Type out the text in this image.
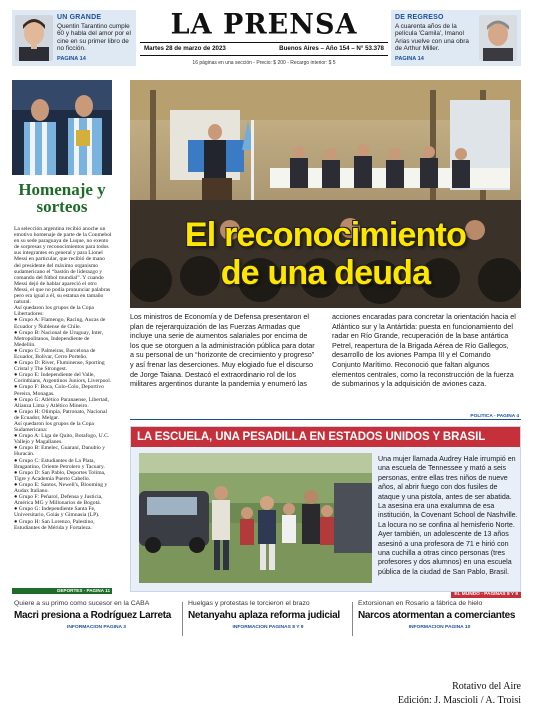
UN GRANDE
Quentin Tarantino cumple 60 y habla del amor por el cine en su primer libro de no ficción.
PAGINA 14
LA PRENSA
Martes 28 de marzo de 2023	Buenos Aires – Año 154 – N° 53.378
16 páginas en una sección - Precio: $ 200 - Recargo interior: $ 5
DE REGRESO
A cuarenta años de la película 'Camila', Imanol Arias vuelve con una obra de Arthur Miller.
PAGINA 14
Homenaje y sorteos

La selección argentina recibió anoche un emotivo homenaje de parte de la Conmebol en su sede paraguaya de Luque, no exento de sorpresas y reconocimientos para todos sus integrantes en general y para Lionel Messi en particular, que recibió de mano del presidente del máximo organismo sudamericano el “bastón de liderazgo y comando del fútbol mundial”. Y cuando Messi dejó de hablar apareció el otro Messi, el que no podía pronunciar palabras pero era igual a él, su estatua en tamaño natural.

Así quedaron los grupos de la Copa Libertadores:

● Grupo A: Flamengo, Racing, Aucas de Ecuador y Ñublense de Chile.

● Grupo B: Nacional de Uruguay, Inter, Metropolitanos, Independiente de Medellín.

● Grupo C: Palmeiras, Barcelona de Ecuador, Bolívar, Cerro Porteño.

● Grupo D: River, Fluminense, Sporting Cristal y The Strongest.

● Grupo E: Independiente del Valle, Corinthians, Argentinos Juniors, Liverpool.

● Grupo F: Boca, Colo-Colo, Deportivo Pereira, Monagas.

● Grupo G: Atlético Paranaense, Libertad, Alianza Lima y Atlético Mineiro.

● Grupo H: Olimpia, Patronato, Nacional de Ecuador, Melgar.

Así quedaron los grupos de la Copa Sudamericana:

● Grupo A: Liga de Quito, Botafogo, U.C. Vallejo y Magallanes.

● Grupo B: Emelec, Guaraní, Danubio y Huracán.

● Grupo C: Estudiantes de La Plata, Bragantino, Oriente Petrolero y Tacuary.

● Grupo D: San Pablo, Deportes Tolima, Tigre y Academia Puerto Cabello.

● Grupo E: Santos, Newell's, Blooming y Audax Italiano.

● Grupo F: Peñarol, Defensa y Justicia, América MG y Millonarios de Bogotá.

● Grupo G: Independiente Santa Fe, Universitario, Goiás y Gimnasia (LP).

● Grupo H: San Lorenzo, Palestino, Estudiantes de Mérida y Fortaleza.

DEPORTES - PAGINA 11
El reconocimiento
de una deuda
Los ministros de Economía y de Defensa presentaron el plan de rejerarquización de las Fuerzas Armadas que incluye una serie de aumentos salariales por encima de los que se otorguen a la administración pública para dotar a su personal de un “horizonte de crecimiento y progreso” y así frenar las deserciones. Muy elogiado fue el discurso de Jorge Taiana. Destacó el extraordinario rol de los militares argentinos durante la pandemia y enumeró las
acciones encaradas para concretar la orientación hacia el Atlántico sur y la Antártida: puesta en funcionamiento del radar en Río Grande, recuperación de la base antártica Petrel, reapertura de la Brigada Aérea de Río Gallegos, desarrollo de los aviones Pampa III y el Comando Conjunto Marítimo. Reconoció que faltan algunos elementos centrales, como la reconstrucción de la fuerza de submarinos y la adquisición de aviones caza.
POLITICA - PAGINA 4
LA ESCUELA, UNA PESADILLA EN ESTADOS UNIDOS Y BRASIL
Una mujer llamada Audrey Hale irrumpió en una escuela de Tennessee y mató a seis personas, entre ellas tres niños de nueve años, al abrir fuego con dos fusiles de ataque y una pistola, antes de ser abatida. La asesina era una exalumna de esa institución, la Covenant School de Nashville. La locura no se confina al hemisferio Norte. Ayer también, un adolescente de 13 años asesinó a una profesora de 71 e hirió con una cuchilla a otras cinco personas (tres profesores y dos alumnos) en una escuela pública de la ciudad de San Pablo, Brasil.
EL MUNDO - PAGINAS 8 Y 9
Quiere a su primo como sucesor en la CABA
Macri presiona a Rodríguez Larreta
INFORMACION PAGINA 3
Huelgas y protestas le torcieron el brazo
Netanyahu aplaza reforma judicial
INFORMACION PAGINAS 8 Y 9
Extorsionan en Rosario a fábrica de hielo
Narcos atormentan a comerciantes
INFORMACION PAGINA 10
Rotativo del Aire
Edición: J. Mascioli / A. Troisi
